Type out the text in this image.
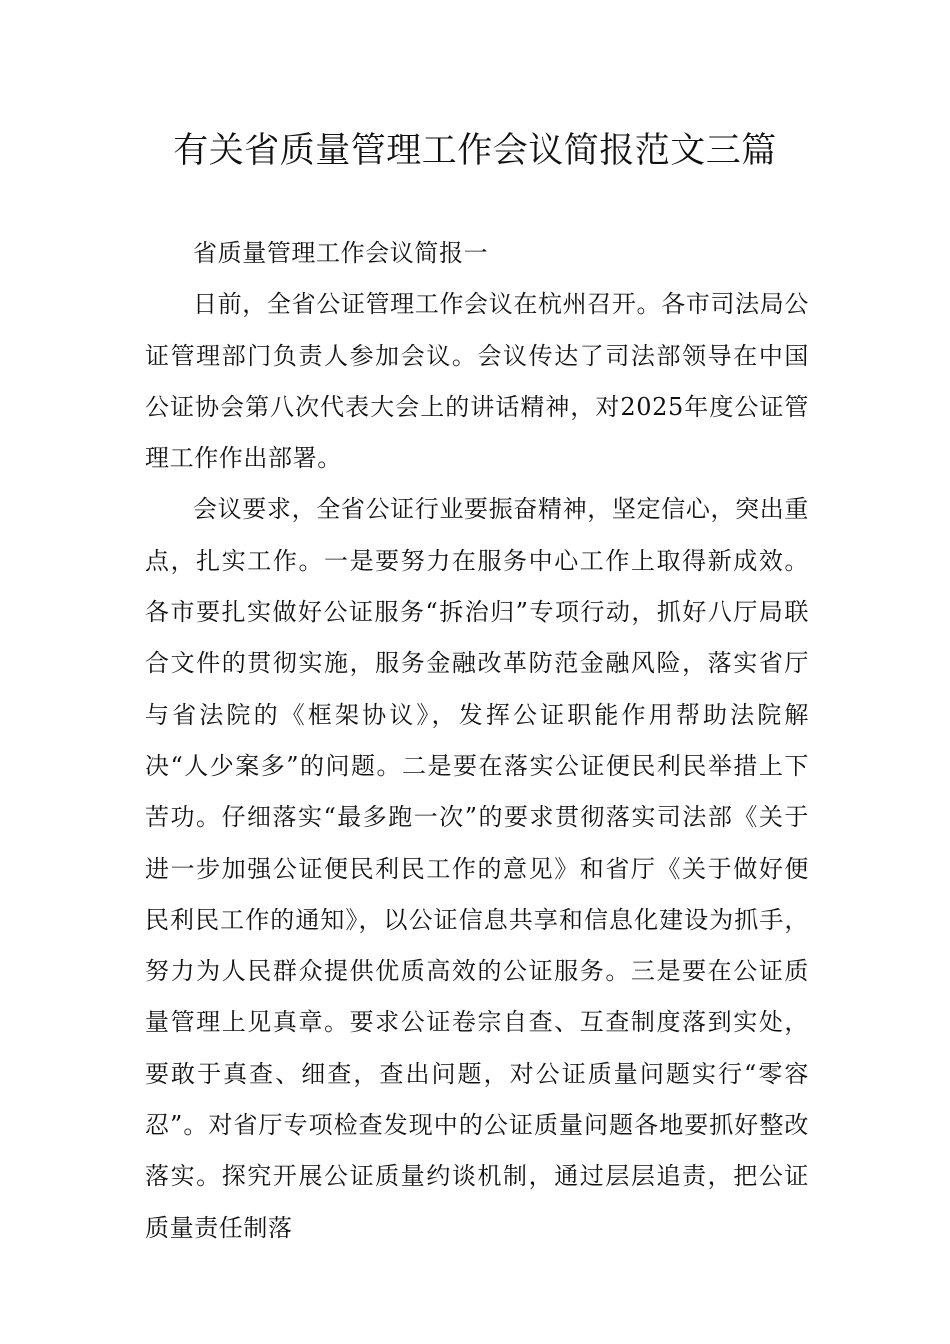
有关省质量管理工作会议简报范文三篇

省质量管理工作会议简报一

日前，全省公证管理工作会议在杭州召开。各市司法局公证管理部门负责人参加会议。会议传达了司法部领导在中国公证协会第八次代表大会上的讲话精神，对2025年度公证管理工作作出部署。

会议要求，全省公证行业要振奋精神，坚定信心，突出重点，扎实工作。一是要努力在服务中心工作上取得新成效。各市要扎实做好公证服务“拆治归”专项行动，抓好八厅局联合文件的贯彻实施，服务金融改革防范金融风险，落实省厅与省法院的《框架协议》，发挥公证职能作用帮助法院解决“人少案多”的问题。二是要在落实公证便民利民举措上下苦功。仔细落实“最多跑一次”的要求贯彻落实司法部《关于进一步加强公证便民利民工作的意见》和省厅《关于做好便民利民工作的通知》，以公证信息共享和信息化建设为抓手，努力为人民群众提供优质高效的公证服务。三是要在公证质量管理上见真章。要求公证卷宗自查、互查制度落到实处，要敢于真查、细查，查出问题，对公证质量问题实行“零容忍”。对省厅专项检查发现中的公证质量问题各地要抓好整改落实。探究开展公证质量约谈机制，通过层层追责，把公证质量责任制落
